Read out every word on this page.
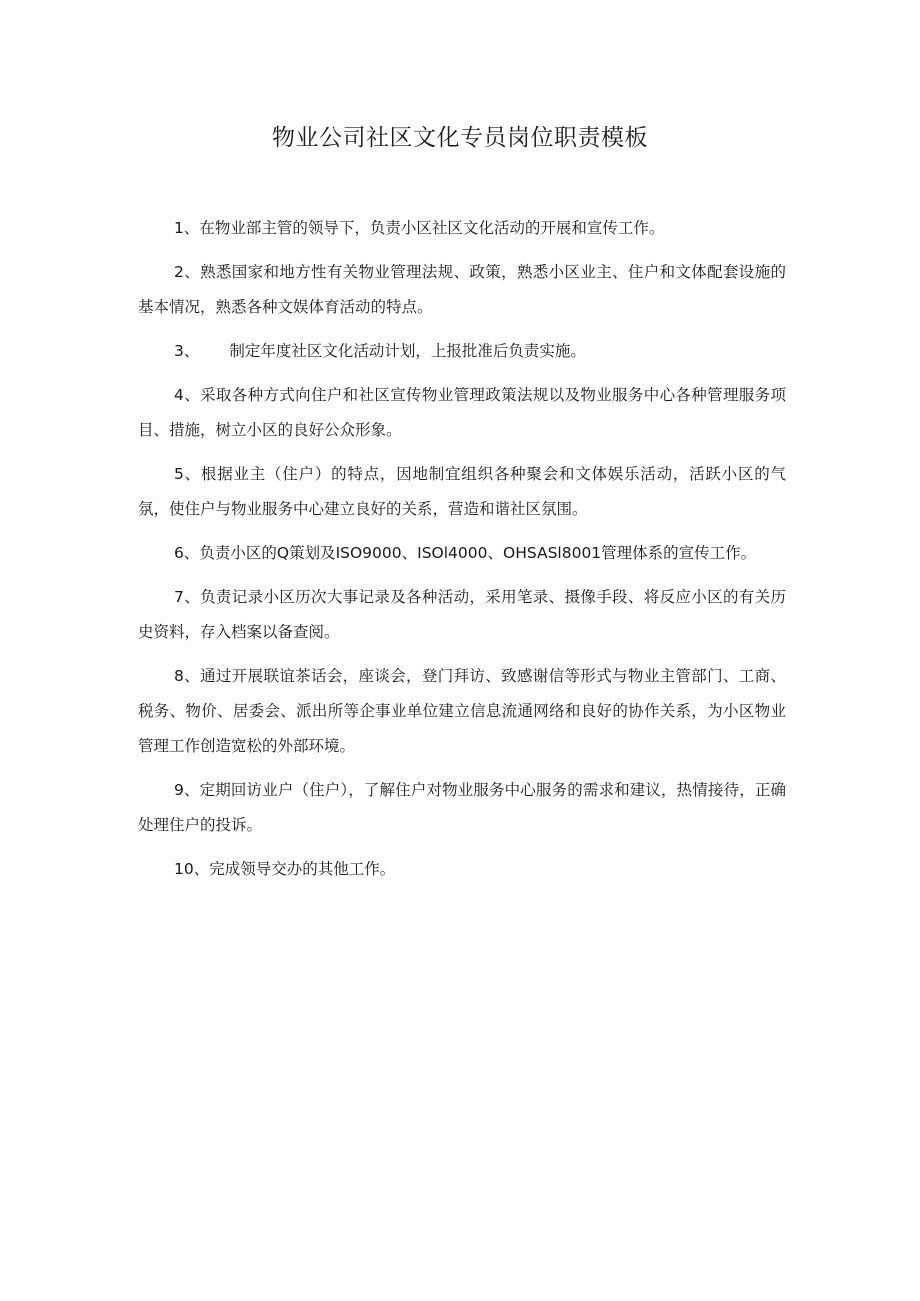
物业公司社区文化专员岗位职责模板

1、在物业部主管的领导下，负责小区社区文化活动的开展和宣传工作。

2、熟悉国家和地方性有关物业管理法规、政策，熟悉小区业主、住户和文体配套设施的基本情况，熟悉各种文娱体育活动的特点。

3、 制定年度社区文化活动计划，上报批准后负责实施。

4、采取各种方式向住户和社区宣传物业管理政策法规以及物业服务中心各种管理服务项目、措施，树立小区的良好公众形象。

5、根据业主（住户）的特点，因地制宜组织各种聚会和文体娱乐活动，活跃小区的气氛，使住户与物业服务中心建立良好的关系，营造和谐社区氛围。

6、负责小区的Q策划及ISO9000、ISOl4000、OHSASl8001管理体系的宣传工作。

7、负责记录小区历次大事记录及各种活动，采用笔录、摄像手段、将反应小区的有关历史资料，存入档案以备查阅。

8、通过开展联谊茶话会，座谈会，登门拜访、致感谢信等形式与物业主管部门、工商、税务、物价、居委会、派出所等企事业单位建立信息流通网络和良好的协作关系，为小区物业管理工作创造宽松的外部环境。

9、定期回访业户（住户），了解住户对物业服务中心服务的需求和建议，热情接待，正确处理住户的投诉。

10、完成领导交办的其他工作。
